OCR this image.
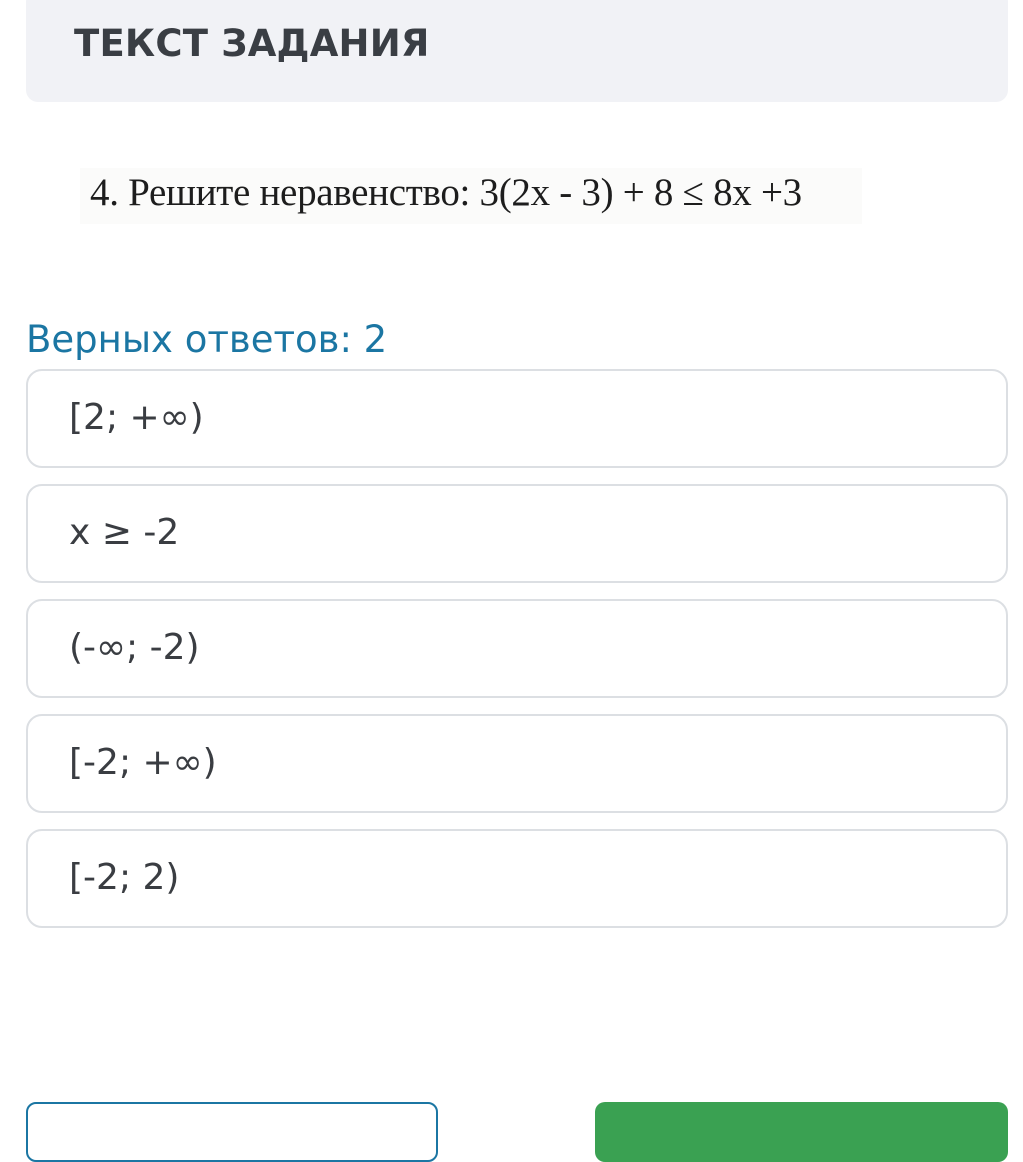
ТЕКСТ ЗАДАНИЯ
4. Решите неравенство: 3(2х - 3) + 8 ≤ 8х +3
Верных ответов: 2
[2; +∞)
x ≥ -2
(-∞; -2)
[-2; +∞)
[-2; 2)
